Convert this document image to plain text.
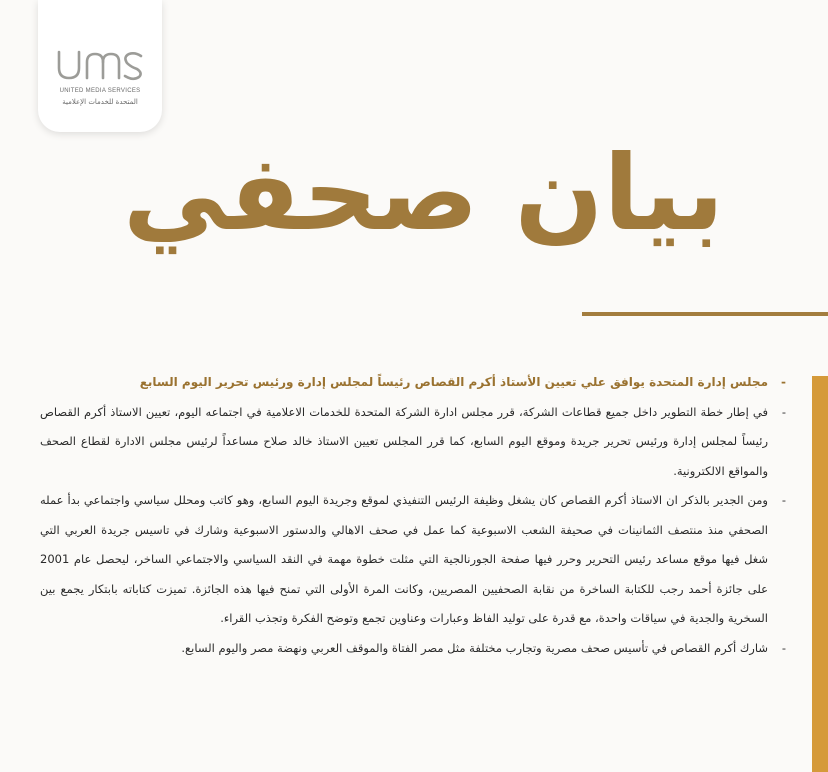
UNITED MEDIA SERVICES
المتحدة للخدمات الإعلامية
بيان صحفي
-
مجلس إدارة المتحدة يوافق علي تعيين الأستاذ أكرم القصاص رئيساً لمجلس إدارة ورئيس تحرير اليوم السابع
-
في إطار خطة التطوير داخل جميع قطاعات الشركة، قرر مجلس ادارة الشركة المتحدة للخدمات الاعلامية في اجتماعه اليوم، تعيين الاستاذ أكرم القصاص رئيساً لمجلس إدارة ورئيس تحرير جريدة وموقع اليوم السابع، كما قرر المجلس تعيين الاستاذ خالد صلاح مساعداً لرئيس مجلس الادارة لقطاع الصحف والمواقع الالكترونية.
-
ومن الجدير بالذكر ان الاستاذ أكرم القصاص كان يشغل وظيفة الرئيس التنفيذي لموقع وجريدة اليوم السابع، وهو كاتب ومحلل سياسي واجتماعي بدأ عمله الصحفي منذ منتصف الثمانينات في صحيفة الشعب الاسبوعية كما عمل في صحف الاهالي والدستور الاسبوعية وشارك في تاسيس جريدة العربي التي شغل فيها موقع مساعد رئيس التحرير وحرر فيها صفحة الجورنالجية التي مثلت خطوة مهمة في النقد السياسي والاجتماعي الساخر، ليحصل عام 2001 على جائزة أحمد رجب للكتابة الساخرة من نقابة الصحفيين المصريين، وكانت المرة الأولى التي تمنح فيها هذه الجائزة. تميزت كتاباته بابتكار يجمع بين السخرية والجدية في سياقات واحدة، مع قدرة على توليد الفاظ وعبارات وعناوين تجمع وتوضح الفكرة وتجذب القراء.
-
شارك أكرم القصاص في تأسيس صحف مصرية وتجارب مختلفة مثل مصر الفتاة والموقف العربي ونهضة مصر واليوم السابع.
